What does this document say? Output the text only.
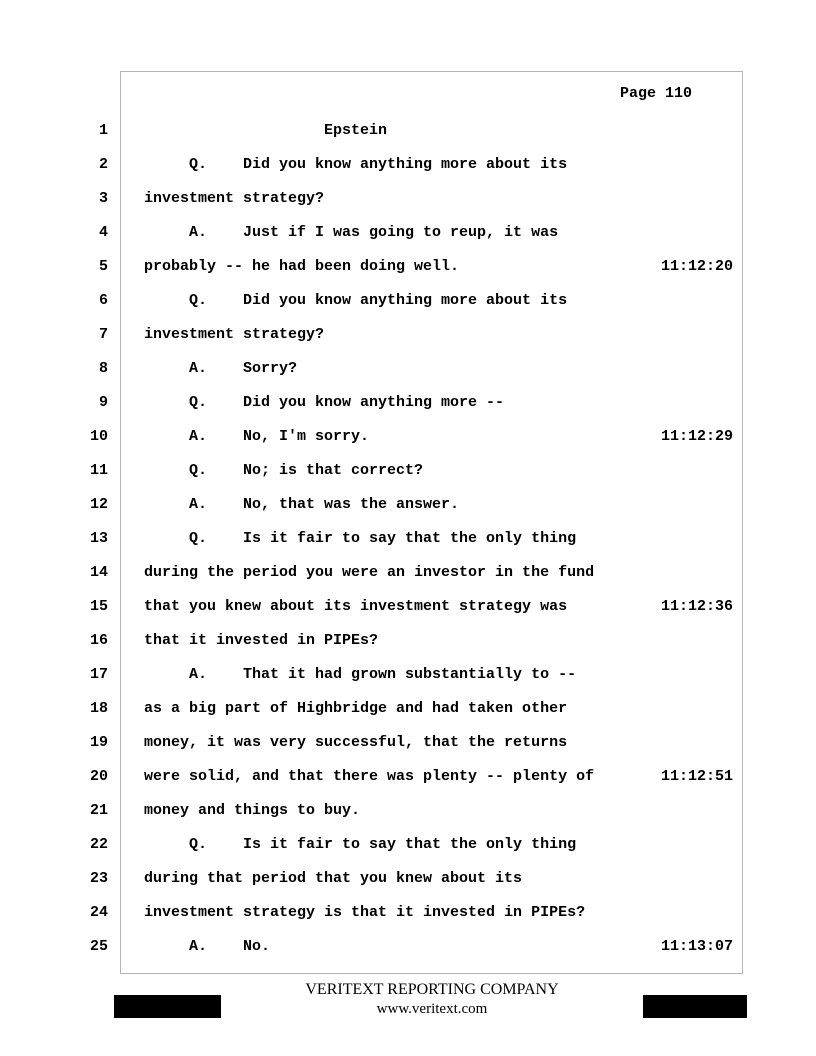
Page 110
1 Epstein
2 Q.    Did you know anything more about its
3 investment strategy?
4 A.    Just if I was going to reup, it was
5 probably -- he had been doing well.	11:12:20
6 Q.    Did you know anything more about its
7 investment strategy?
8 A.    Sorry?
9 Q.    Did you know anything more --
10 A.    No, I'm sorry.	11:12:29
11 Q.    No; is that correct?
12 A.    No, that was the answer.
13 Q.    Is it fair to say that the only thing
14 during the period you were an investor in the fund
15 that you knew about its investment strategy was	11:12:36
16 that it invested in PIPEs?
17 A.    That it had grown substantially to --
18 as a big part of Highbridge and had taken other
19 money, it was very successful, that the returns
20 were solid, and that there was plenty -- plenty of	11:12:51
21 money and things to buy.
22 Q.    Is it fair to say that the only thing
23 during that period that you knew about its
24 investment strategy is that it invested in PIPEs?
25 A.    No.	11:13:07
VERITEXT REPORTING COMPANY
www.veritext.com
